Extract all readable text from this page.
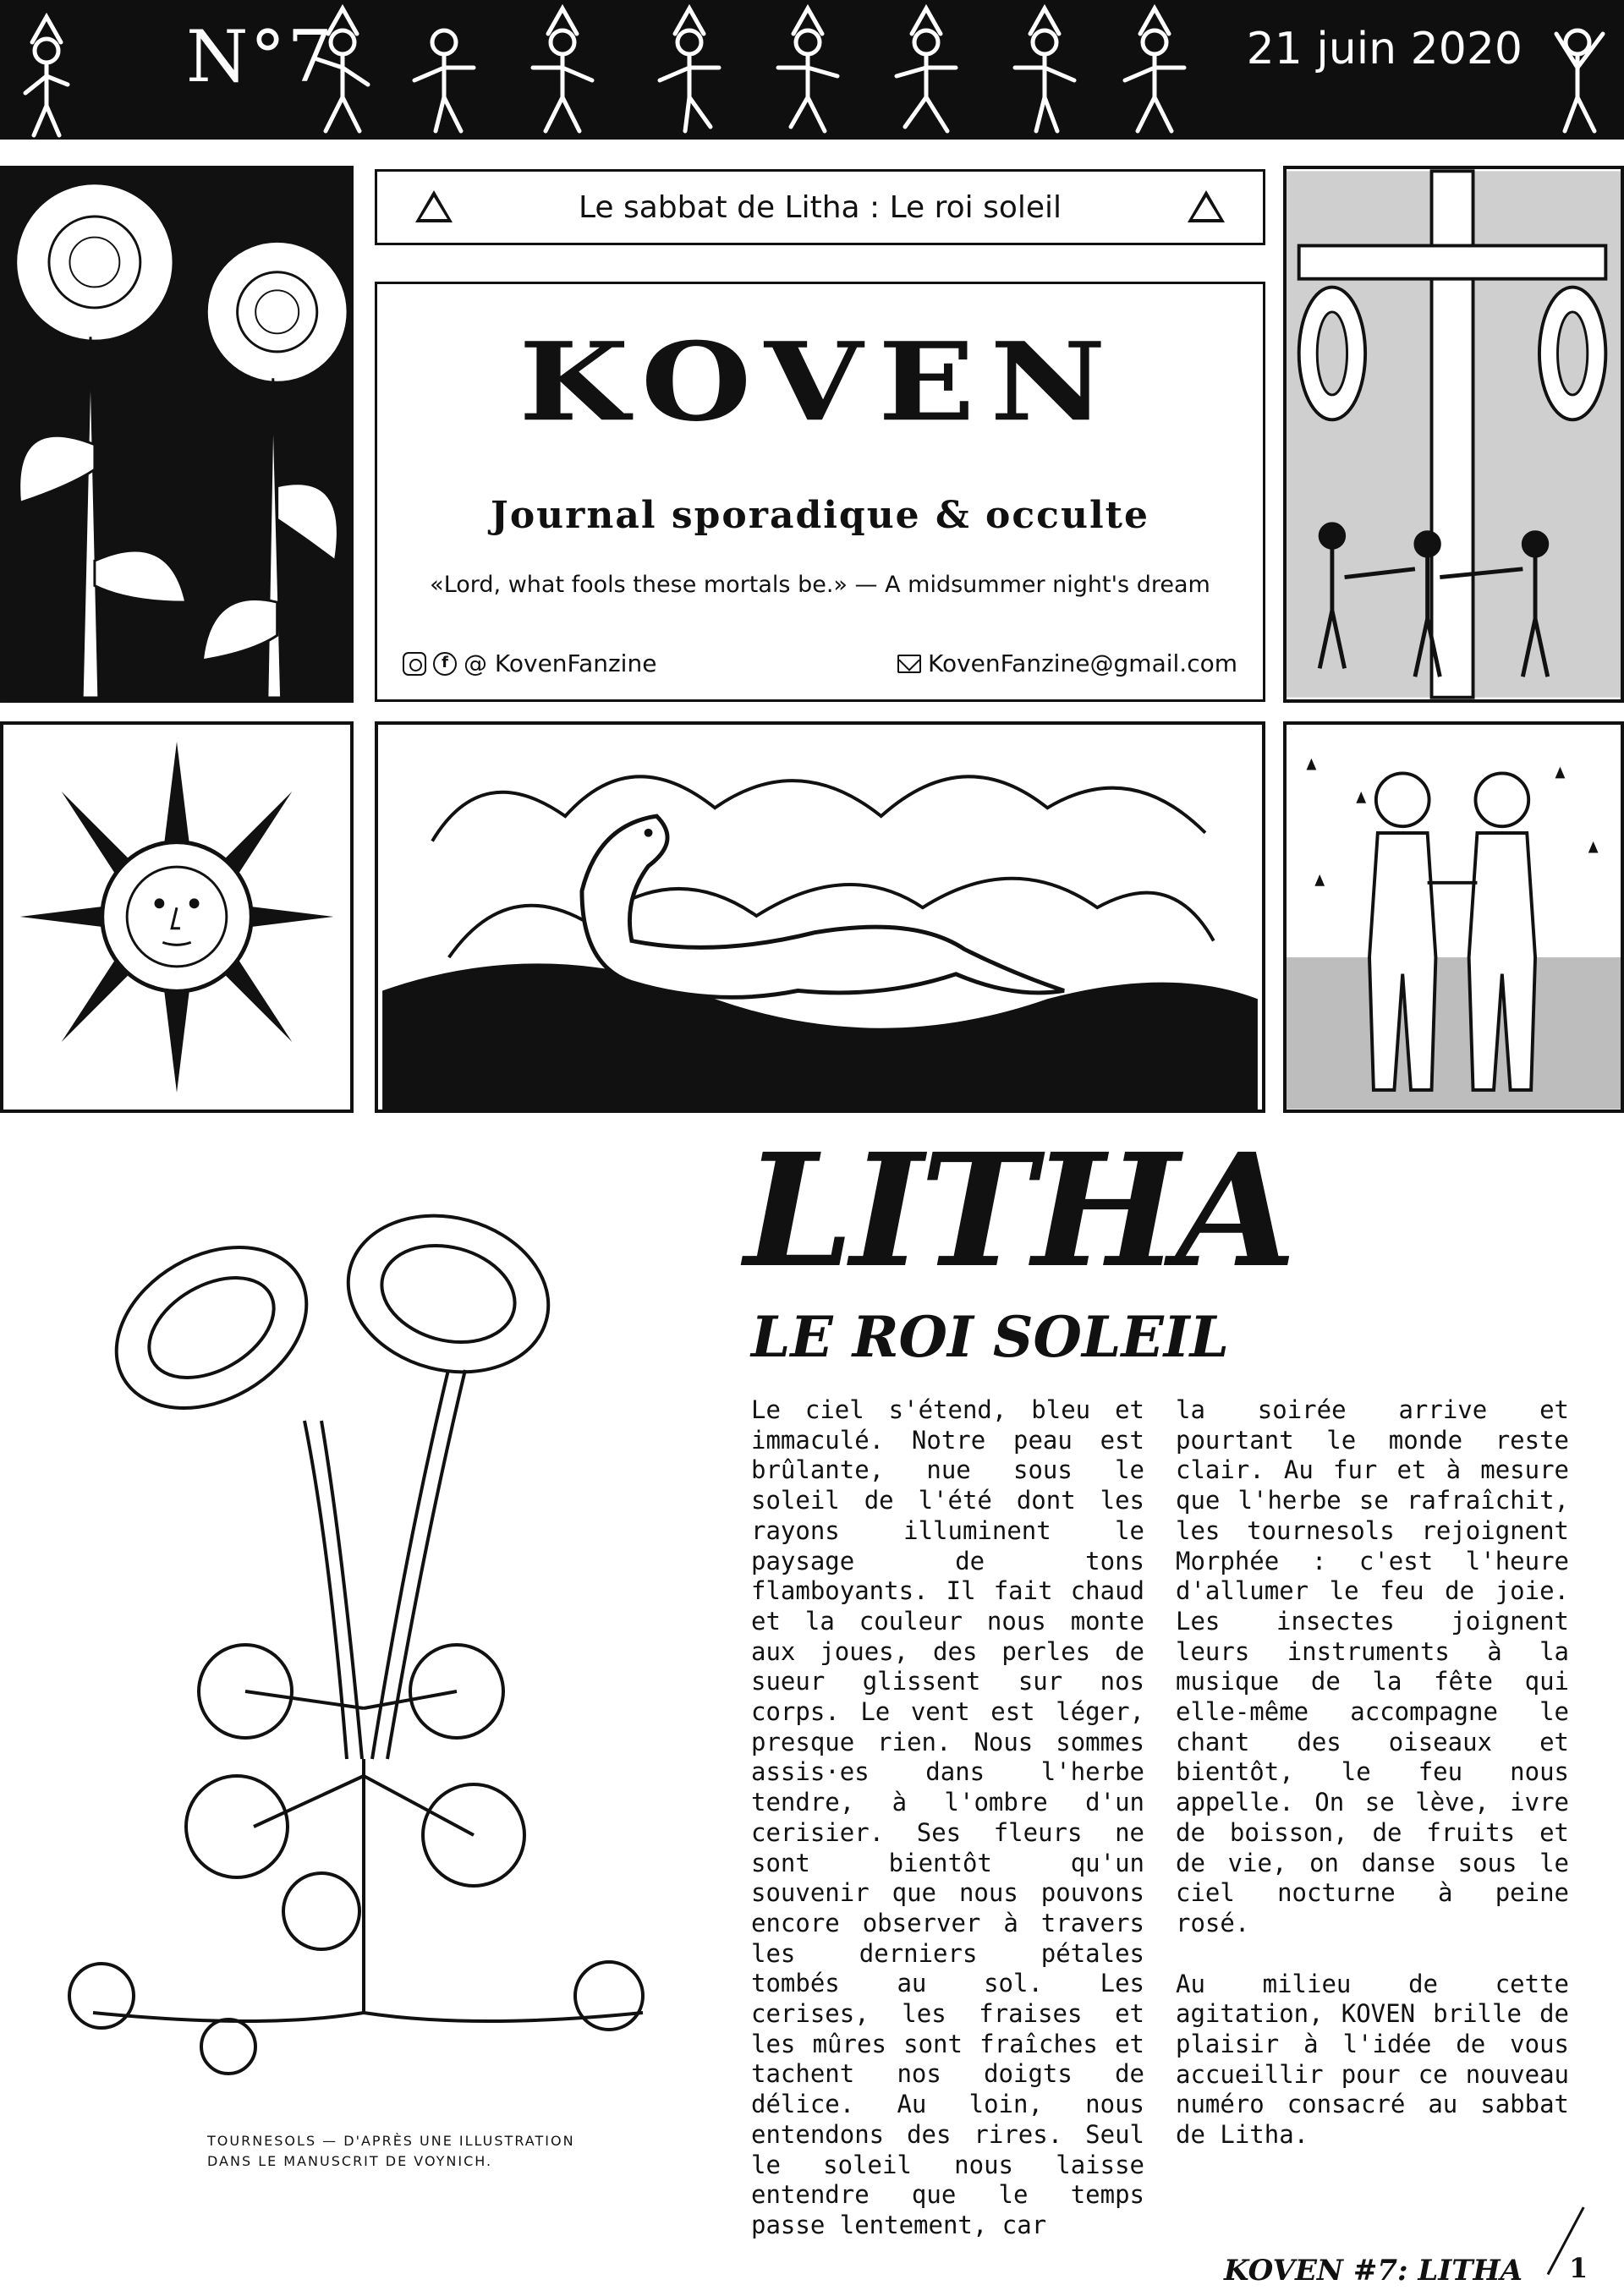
N°7	21 juin 2020
Le sabbat de Litha : Le roi soleil
KOVEN
Journal sporadique & occulte
«Lord, what fools these mortals be.» — A midsummer night's dream
f @ KovenFanzine	KovenFanzine@gmail.com
TOURNESOLS — D'APRÈS UNE ILLUSTRATION DANS LE MANUSCRIT DE VOYNICH.
LITHA
LE ROI SOLEIL

Le ciel s'étend, bleu et immaculé. Notre peau est brûlante, nue sous le soleil de l'été dont les rayons illuminent le paysage de tons flamboyants. Il fait chaud et la couleur nous monte aux joues, des perles de sueur glissent sur nos corps. Le vent est léger, presque rien. Nous sommes assis·es dans l'herbe tendre, à l'ombre d'un cerisier. Ses fleurs ne sont bientôt qu'un souvenir que nous pouvons encore observer à travers les derniers pétales tombés au sol. Les cerises, les fraises et les mûres sont fraîches et tachent nos doigts de délice. Au loin, nous entendons des rires. Seul le soleil nous laisse entendre que le temps passe lentement, car

la soirée arrive et pourtant le monde reste clair. Au fur et à mesure que l'herbe se rafraîchit, les tournesols rejoignent Morphée : c'est l'heure d'allumer le feu de joie. Les insectes joignent leurs instruments à la musique de la fête qui elle-même accompagne le chant des oiseaux et bientôt, le feu nous appelle. On se lève, ivre de boisson, de fruits et de vie, on danse sous le ciel nocturne à peine rosé.

Au milieu de cette agitation, KOVEN brille de plaisir à l'idée de vous accueillir pour ce nouveau numéro consacré au sabbat de Litha.

KOVEN #7: LITHA 1
